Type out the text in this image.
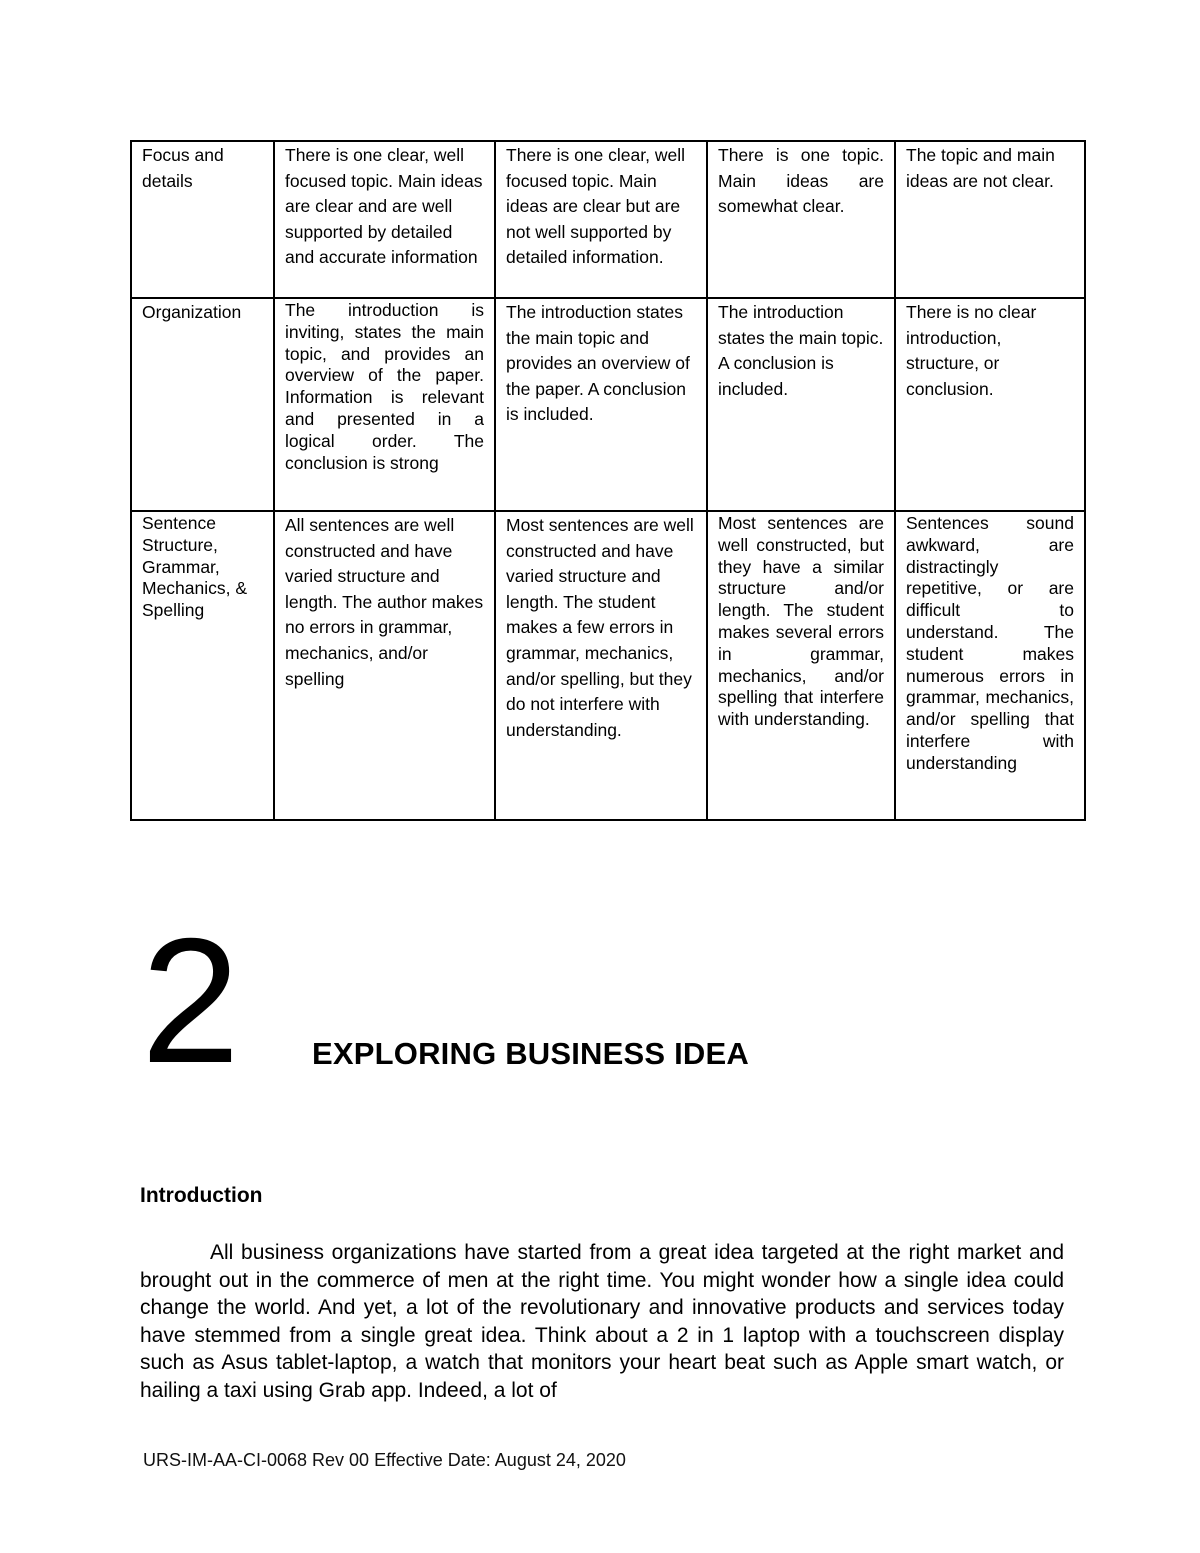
Focus and details	There is one clear, well focused topic. Main ideas are clear and are well supported by detailed and accurate information	There is one clear, well focused topic. Main ideas are clear but are not well supported by detailed information.	There is one topic. Main ideas are somewhat clear.	The topic and main ideas are not clear.
Organization	The introduction is inviting, states the main topic, and provides an overview of the paper. Information is relevant and presented in a logical order. The conclusion is strong	The introduction states the main topic and provides an overview of the paper. A conclusion is included.	The introduction states the main topic. A conclusion is included.	There is no clear introduction, structure, or conclusion.
Sentence Structure, Grammar, Mechanics, & Spelling	All sentences are well constructed and have varied structure and length. The author makes no errors in grammar, mechanics, and/or spelling	Most sentences are well constructed and have varied structure and length. The student makes a few errors in grammar, mechanics, and/or spelling, but they do not interfere with understanding.	Most sentences are well constructed, but they have a similar structure and/or length. The student makes several errors in grammar, mechanics, and/or spelling that interfere with understanding.	Sentences sound awkward, are distractingly repetitive, or are difficult to understand. The student makes numerous errors in grammar, mechanics, and/or spelling that interfere with understanding
2 EXPLORING BUSINESS IDEA
Introduction

All business organizations have started from a great idea targeted at the right market and brought out in the commerce of men at the right time. You might wonder how a single idea could change the world. And yet, a lot of the revolutionary and innovative products and services today have stemmed from a single great idea. Think about a 2 in 1 laptop with a touchscreen display such as Asus tablet-laptop, a watch that monitors your heart beat such as Apple smart watch, or hailing a taxi using Grab app. Indeed, a lot of

URS-IM-AA-CI-0068 Rev 00 Effective Date: August 24, 2020
